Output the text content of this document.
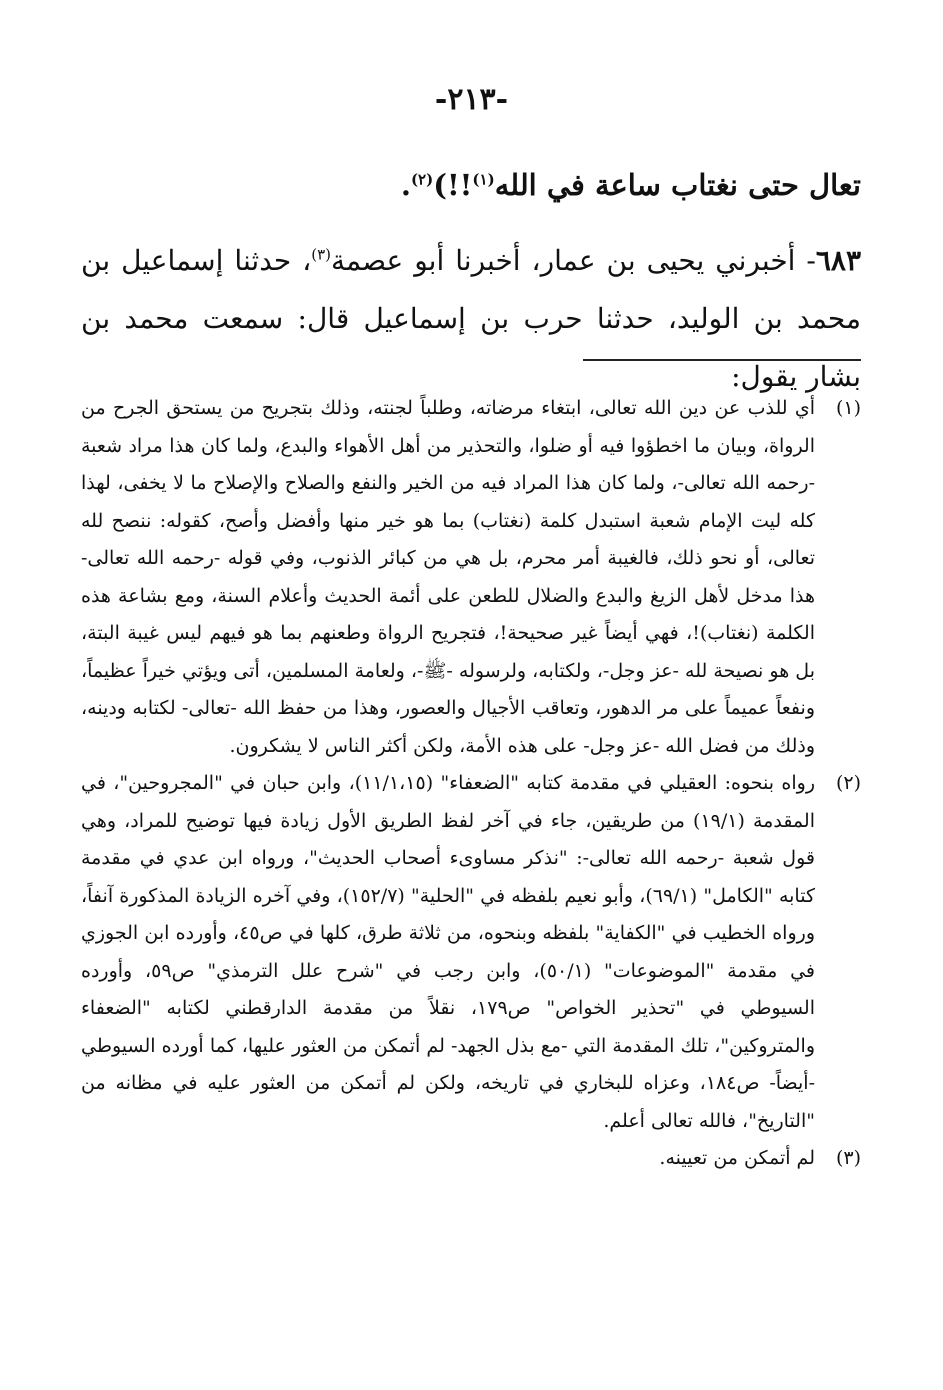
-٢١٣-
تعال حتى نغتاب ساعة في الله$^{(١)}$!!)$^{(٢)}$.
٦٨٣- أخبرني يحيى بن عمار، أخبرنا أبو عصمة$^{(٣)}$، حدثنا إسماعيل بن محمد بن الوليد، حدثنا حرب بن إسماعيل قال: سمعت محمد بن بشار يقول:
(١)
أي للذب عن دين الله تعالى، ابتغاء مرضاته، وطلباً لجنته، وذلك بتجريح من يستحق الجرح من الرواة، وبيان ما اخطؤوا فيه أو ضلوا، والتحذير من أهل الأهواء والبدع، ولما كان هذا مراد شعبة -رحمه الله تعالى-، ولما كان هذا المراد فيه من الخير والنفع والصلاح والإصلاح ما لا يخفى، لهذا كله ليت الإمام شعبة استبدل كلمة (نغتاب) بما هو خير منها وأفضل وأصح، كقوله: ننصح لله تعالى، أو نحو ذلك، فالغيبة أمر محرم، بل هي من كبائر الذنوب، وفي قوله -رحمه الله تعالى- هذا مدخل لأهل الزيغ والبدع والضلال للطعن على أئمة الحديث وأعلام السنة، ومع بشاعة هذه الكلمة (نغتاب)!، فهي أيضاً غير صحيحة!، فتجريح الرواة وطعنهم بما هو فيهم ليس غيبة البتة، بل هو نصيحة لله -عز وجل-، ولكتابه، ولرسوله -ﷺ-، ولعامة المسلمين، أتى ويؤتي خيراً عظيماً، ونفعاً عميماً على مر الدهور، وتعاقب الأجيال والعصور، وهذا من حفظ الله -تعالى- لكتابه ودينه، وذلك من فضل الله -عز وجل- على هذه الأمة، ولكن أكثر الناس لا يشكرون.
(٢)
رواه بنحوه: العقيلي في مقدمة كتابه "الضعفاء" (١١/١،١٥)، وابن حبان في "المجروحين"، في المقدمة (١٩/١) من طريقين، جاء في آخر لفظ الطريق الأول زيادة فيها توضيح للمراد، وهي قول شعبة -رحمه الله تعالى-: "نذكر مساوىء أصحاب الحديث"، ورواه ابن عدي في مقدمة كتابه "الكامل" (٦٩/١)، وأبو نعيم بلفظه في "الحلية" (١٥٢/٧)، وفي آخره الزيادة المذكورة آنفاً، ورواه الخطيب في "الكفاية" بلفظه وبنحوه، من ثلاثة طرق، كلها في ص٤٥، وأورده ابن الجوزي في مقدمة "الموضوعات" (٥٠/١)، وابن رجب في "شرح علل الترمذي" ص٥٩، وأورده السيوطي في "تحذير الخواص" ص١٧٩، نقلاً من مقدمة الدارقطني لكتابه "الضعفاء والمتروكين"، تلك المقدمة التي -مع بذل الجهد- لم أتمكن من العثور عليها، كما أورده السيوطي -أيضاً- ص١٨٤، وعزاه للبخاري في تاريخه، ولكن لم أتمكن من العثور عليه في مظانه من "التاريخ"، فالله تعالى أعلم.
(٣)
لم أتمكن من تعيينه.
